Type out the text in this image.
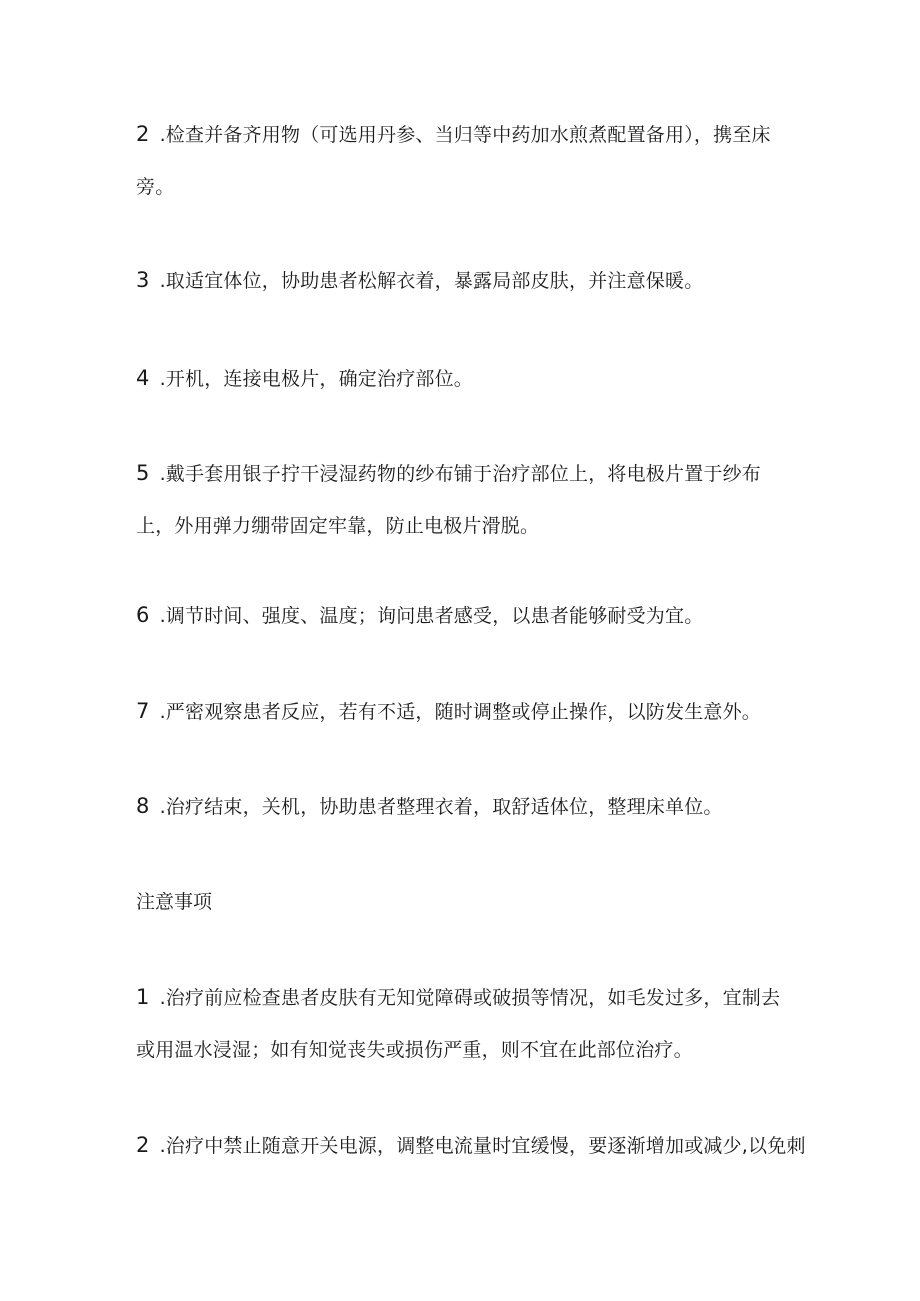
2 .检查并备齐用物（可选用丹参、当归等中药加水煎煮配置备用），携至床旁。
3 .取适宜体位，协助患者松解衣着，暴露局部皮肤，并注意保暖。
4 .开机，连接电极片，确定治疗部位。
5 .戴手套用银子拧干浸湿药物的纱布铺于治疗部位上，将电极片置于纱布上，外用弹力绷带固定牢靠，防止电极片滑脱。
6 .调节时间、强度、温度；询问患者感受，以患者能够耐受为宜。
7 .严密观察患者反应，若有不适，随时调整或停止操作，以防发生意外。
8 .治疗结束，关机，协助患者整理衣着，取舒适体位，整理床单位。
注意事项
1 .治疗前应检查患者皮肤有无知觉障碍或破损等情况，如毛发过多，宜制去或用温水浸湿；如有知觉丧失或损伤严重，则不宜在此部位治疗。
2 .治疗中禁止随意开关电源，调整电流量时宜缓慢，要逐渐增加或减少,以免刺
